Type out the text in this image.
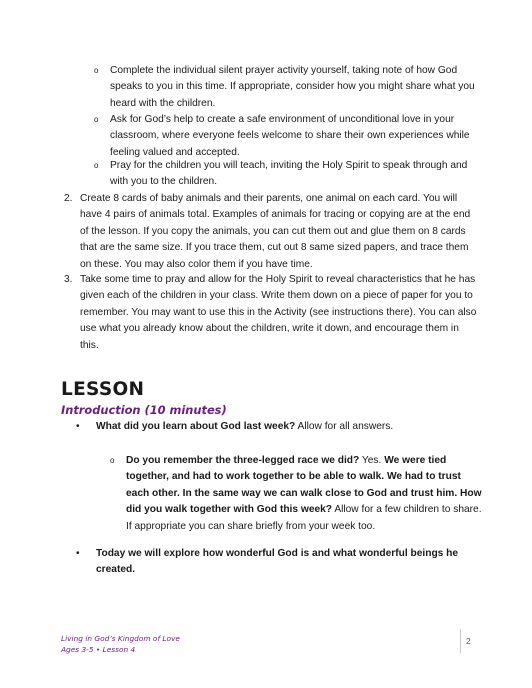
o Complete the individual silent prayer activity yourself, taking note of how God speaks to you in this time. If appropriate, consider how you might share what you heard with the children.
o Ask for God’s help to create a safe environment of unconditional love in your classroom, where everyone feels welcome to share their own experiences while feeling valued and accepted.
o Pray for the children you will teach, inviting the Holy Spirit to speak through and with you to the children.
2. Create 8 cards of baby animals and their parents, one animal on each card. You will have 4 pairs of animals total. Examples of animals for tracing or copying are at the end of the lesson. If you copy the animals, you can cut them out and glue them on 8 cards that are the same size. If you trace them, cut out 8 same sized papers, and trace them on these. You may also color them if you have time.
3. Take some time to pray and allow for the Holy Spirit to reveal characteristics that he has given each of the children in your class. Write them down on a piece of paper for you to remember. You may want to use this in the Activity (see instructions there). You can also use what you already know about the children, write it down, and encourage them in this.
LESSON
Introduction (10 minutes)
• What did you learn about God last week? Allow for all answers.
o Do you remember the three-legged race we did? Yes. We were tied together, and had to work together to be able to walk. We had to trust each other. In the same way we can walk close to God and trust him. How did you walk together with God this week? Allow for a few children to share. If appropriate you can share briefly from your week too.
• Today we will explore how wonderful God is and what wonderful beings he created.
Living in God’s Kingdom of Love
Ages 3-5 • Lesson 4
2
